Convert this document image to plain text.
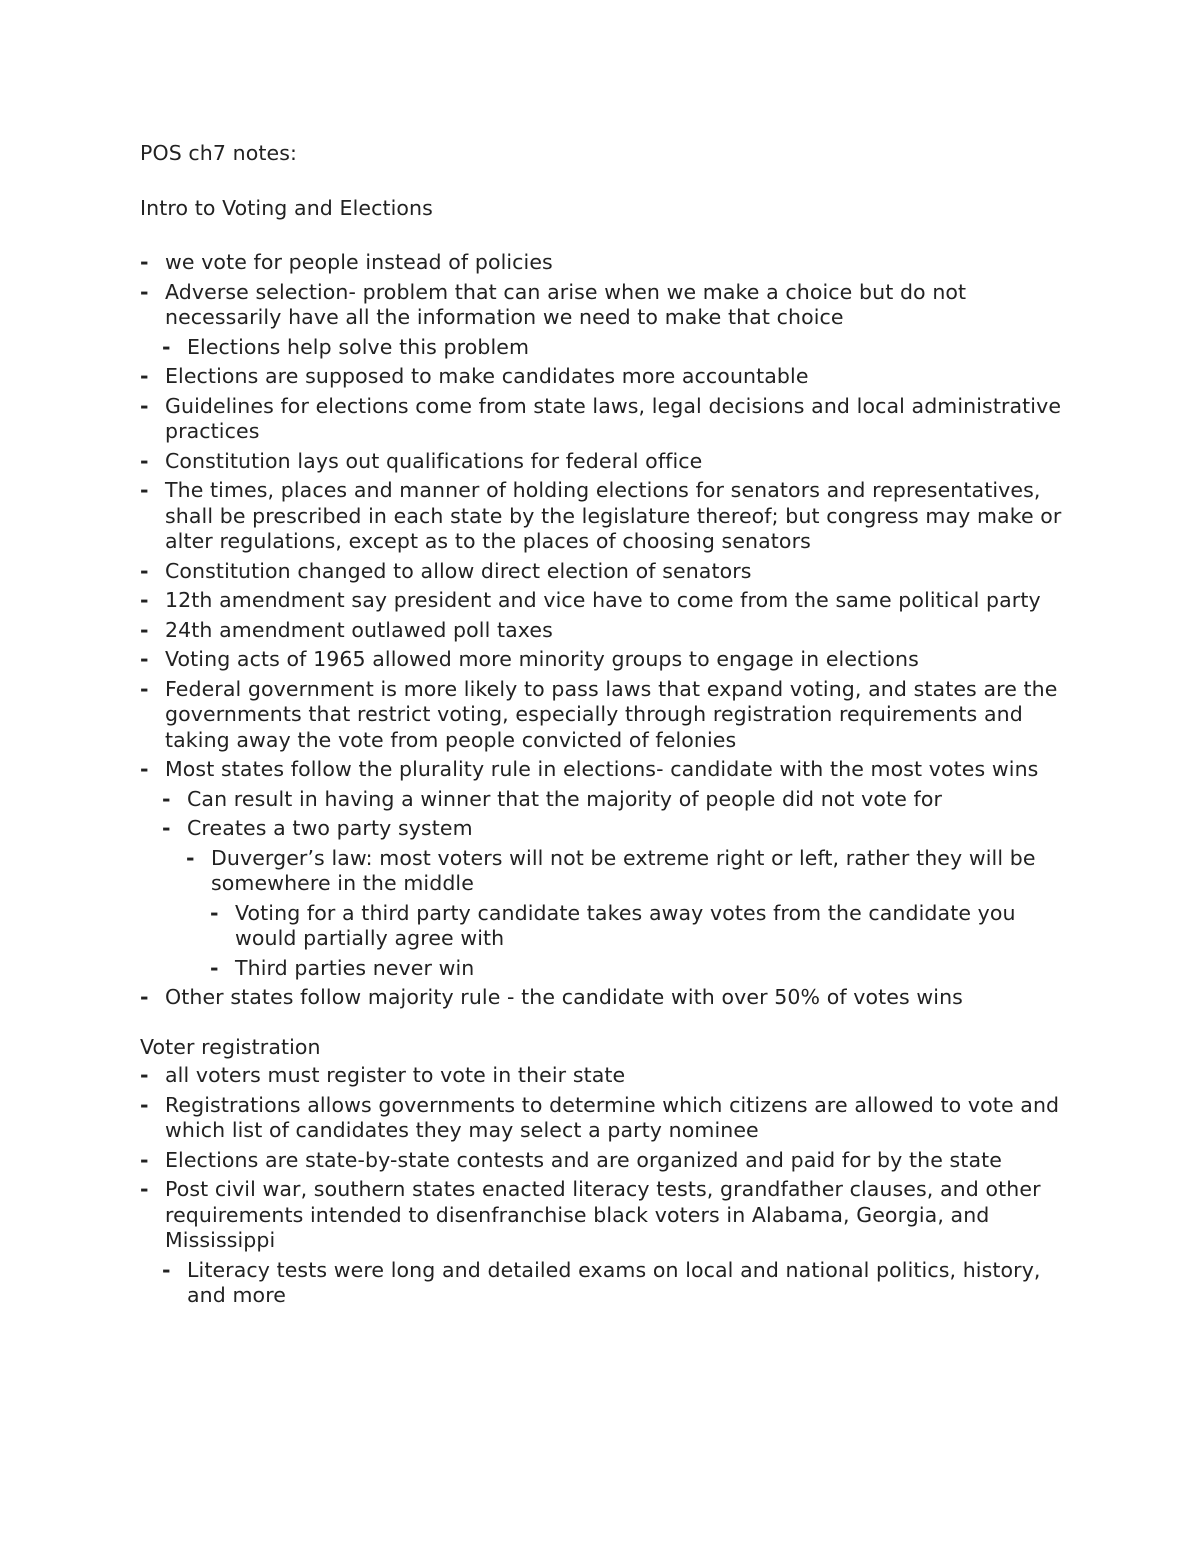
POS ch7 notes:

Intro to Voting and Elections

- we vote for people instead of policies
- Adverse selection- problem that can arise when we make a choice but do not necessarily have all the information we need to make that choice
- Elections help solve this problem
- Elections are supposed to make candidates more accountable
- Guidelines for elections come from state laws, legal decisions and local administrative practices
- Constitution lays out qualifications for federal office
- The times, places and manner of holding elections for senators and representatives, shall be prescribed in each state by the legislature thereof; but congress may make or alter regulations, except as to the places of choosing senators
- Constitution changed to allow direct election of senators
- 12th amendment say president and vice have to come from the same political party
- 24th amendment outlawed poll taxes
- Voting acts of 1965 allowed more minority groups to engage in elections
- Federal government is more likely to pass laws that expand voting, and states are the governments that restrict voting, especially through registration requirements and taking away the vote from people convicted of felonies
- Most states follow the plurality rule in elections- candidate with the most votes wins
- Can result in having a winner that the majority of people did not vote for
- Creates a two party system
- Duverger’s law: most voters will not be extreme right or left, rather they will be somewhere in the middle
- Voting for a third party candidate takes away votes from the candidate you would partially agree with
- Third parties never win
- Other states follow majority rule - the candidate with over 50% of votes wins

Voter registration

- all voters must register to vote in their state
- Registrations allows governments to determine which citizens are allowed to vote and which list of candidates they may select a party nominee
- Elections are state-by-state contests and are organized and paid for by the state
- Post civil war, southern states enacted literacy tests, grandfather clauses, and other requirements intended to disenfranchise black voters in Alabama, Georgia, and Mississippi
- Literacy tests were long and detailed exams on local and national politics, history, and more
